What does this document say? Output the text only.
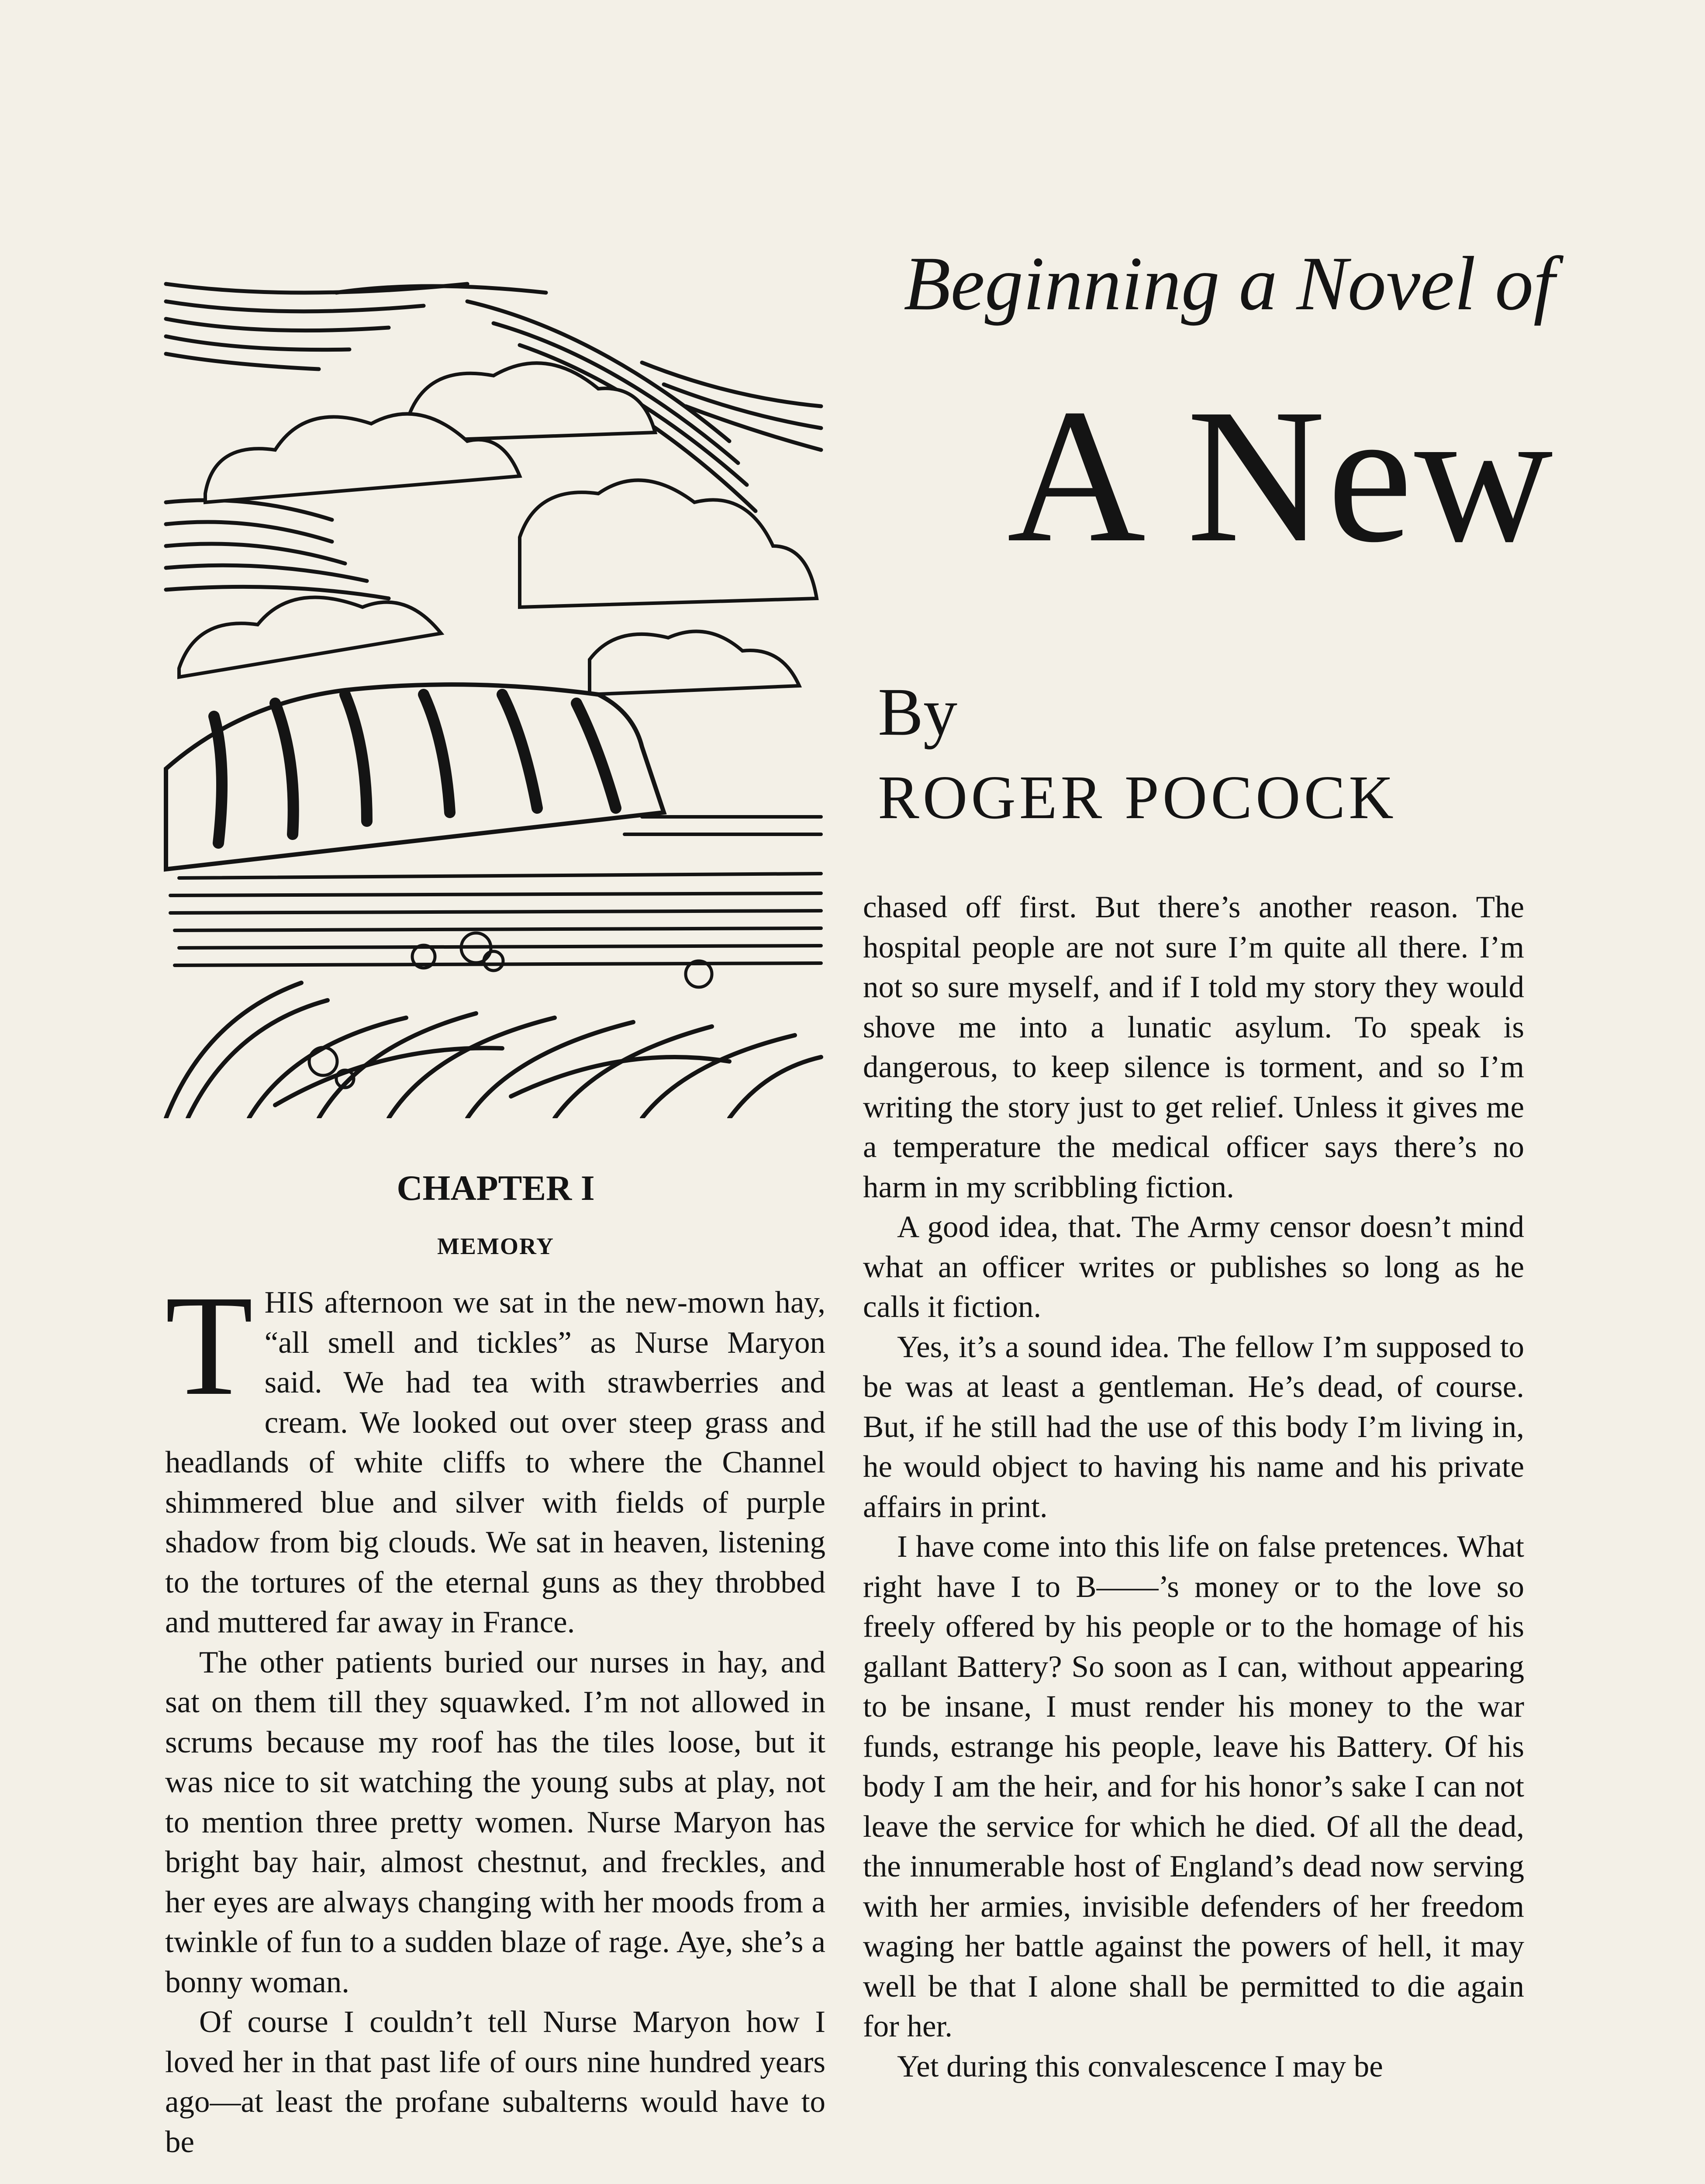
Beginning a Novel of
A New
By
ROGER POCOCK
CHAPTER I
MEMORY

THIS afternoon we sat in the new-mown hay, “all smell and tickles” as Nurse Maryon said. We had tea with strawberries and cream. We looked out over steep grass and headlands of white cliffs to where the Channel shimmered blue and silver with fields of purple shadow from big clouds. We sat in heaven, listening to the tortures of the eternal guns as they throbbed and muttered far away in France.

The other patients buried our nurses in hay, and sat on them till they squawked. I’m not allowed in scrums because my roof has the tiles loose, but it was nice to sit watching the young subs at play, not to mention three pretty women. Nurse Maryon has bright bay hair, almost chestnut, and freckles, and her eyes are always changing with her moods from a twinkle of fun to a sudden blaze of rage. Aye, she’s a bonny woman.

Of course I couldn’t tell Nurse Maryon how I loved her in that past life of ours nine hundred years ago—at least the profane subalterns would have to be

chased off first. But there’s another reason. The hospital people are not sure I’m quite all there. I’m not so sure myself, and if I told my story they would shove me into a lunatic asylum. To speak is dangerous, to keep silence is torment, and so I’m writing the story just to get relief. Unless it gives me a temperature the medical officer says there’s no harm in my scribbling fiction.

A good idea, that. The Army censor doesn’t mind what an officer writes or publishes so long as he calls it fiction.

Yes, it’s a sound idea. The fellow I’m supposed to be was at least a gentleman. He’s dead, of course. But, if he still had the use of this body I’m living in, he would object to having his name and his private affairs in print.

I have come into this life on false pretences. What right have I to B——’s money or to the love so freely offered by his people or to the homage of his gallant Battery? So soon as I can, without appearing to be insane, I must render his money to the war funds, estrange his people, leave his Battery. Of his body I am the heir, and for his honor’s sake I can not leave the service for which he died. Of all the dead, the innumerable host of England’s dead now serving with her armies, invisible defenders of her freedom waging her battle against the powers of hell, it may well be that I alone shall be permitted to die again for her.

Yet during this convalescence I may be
